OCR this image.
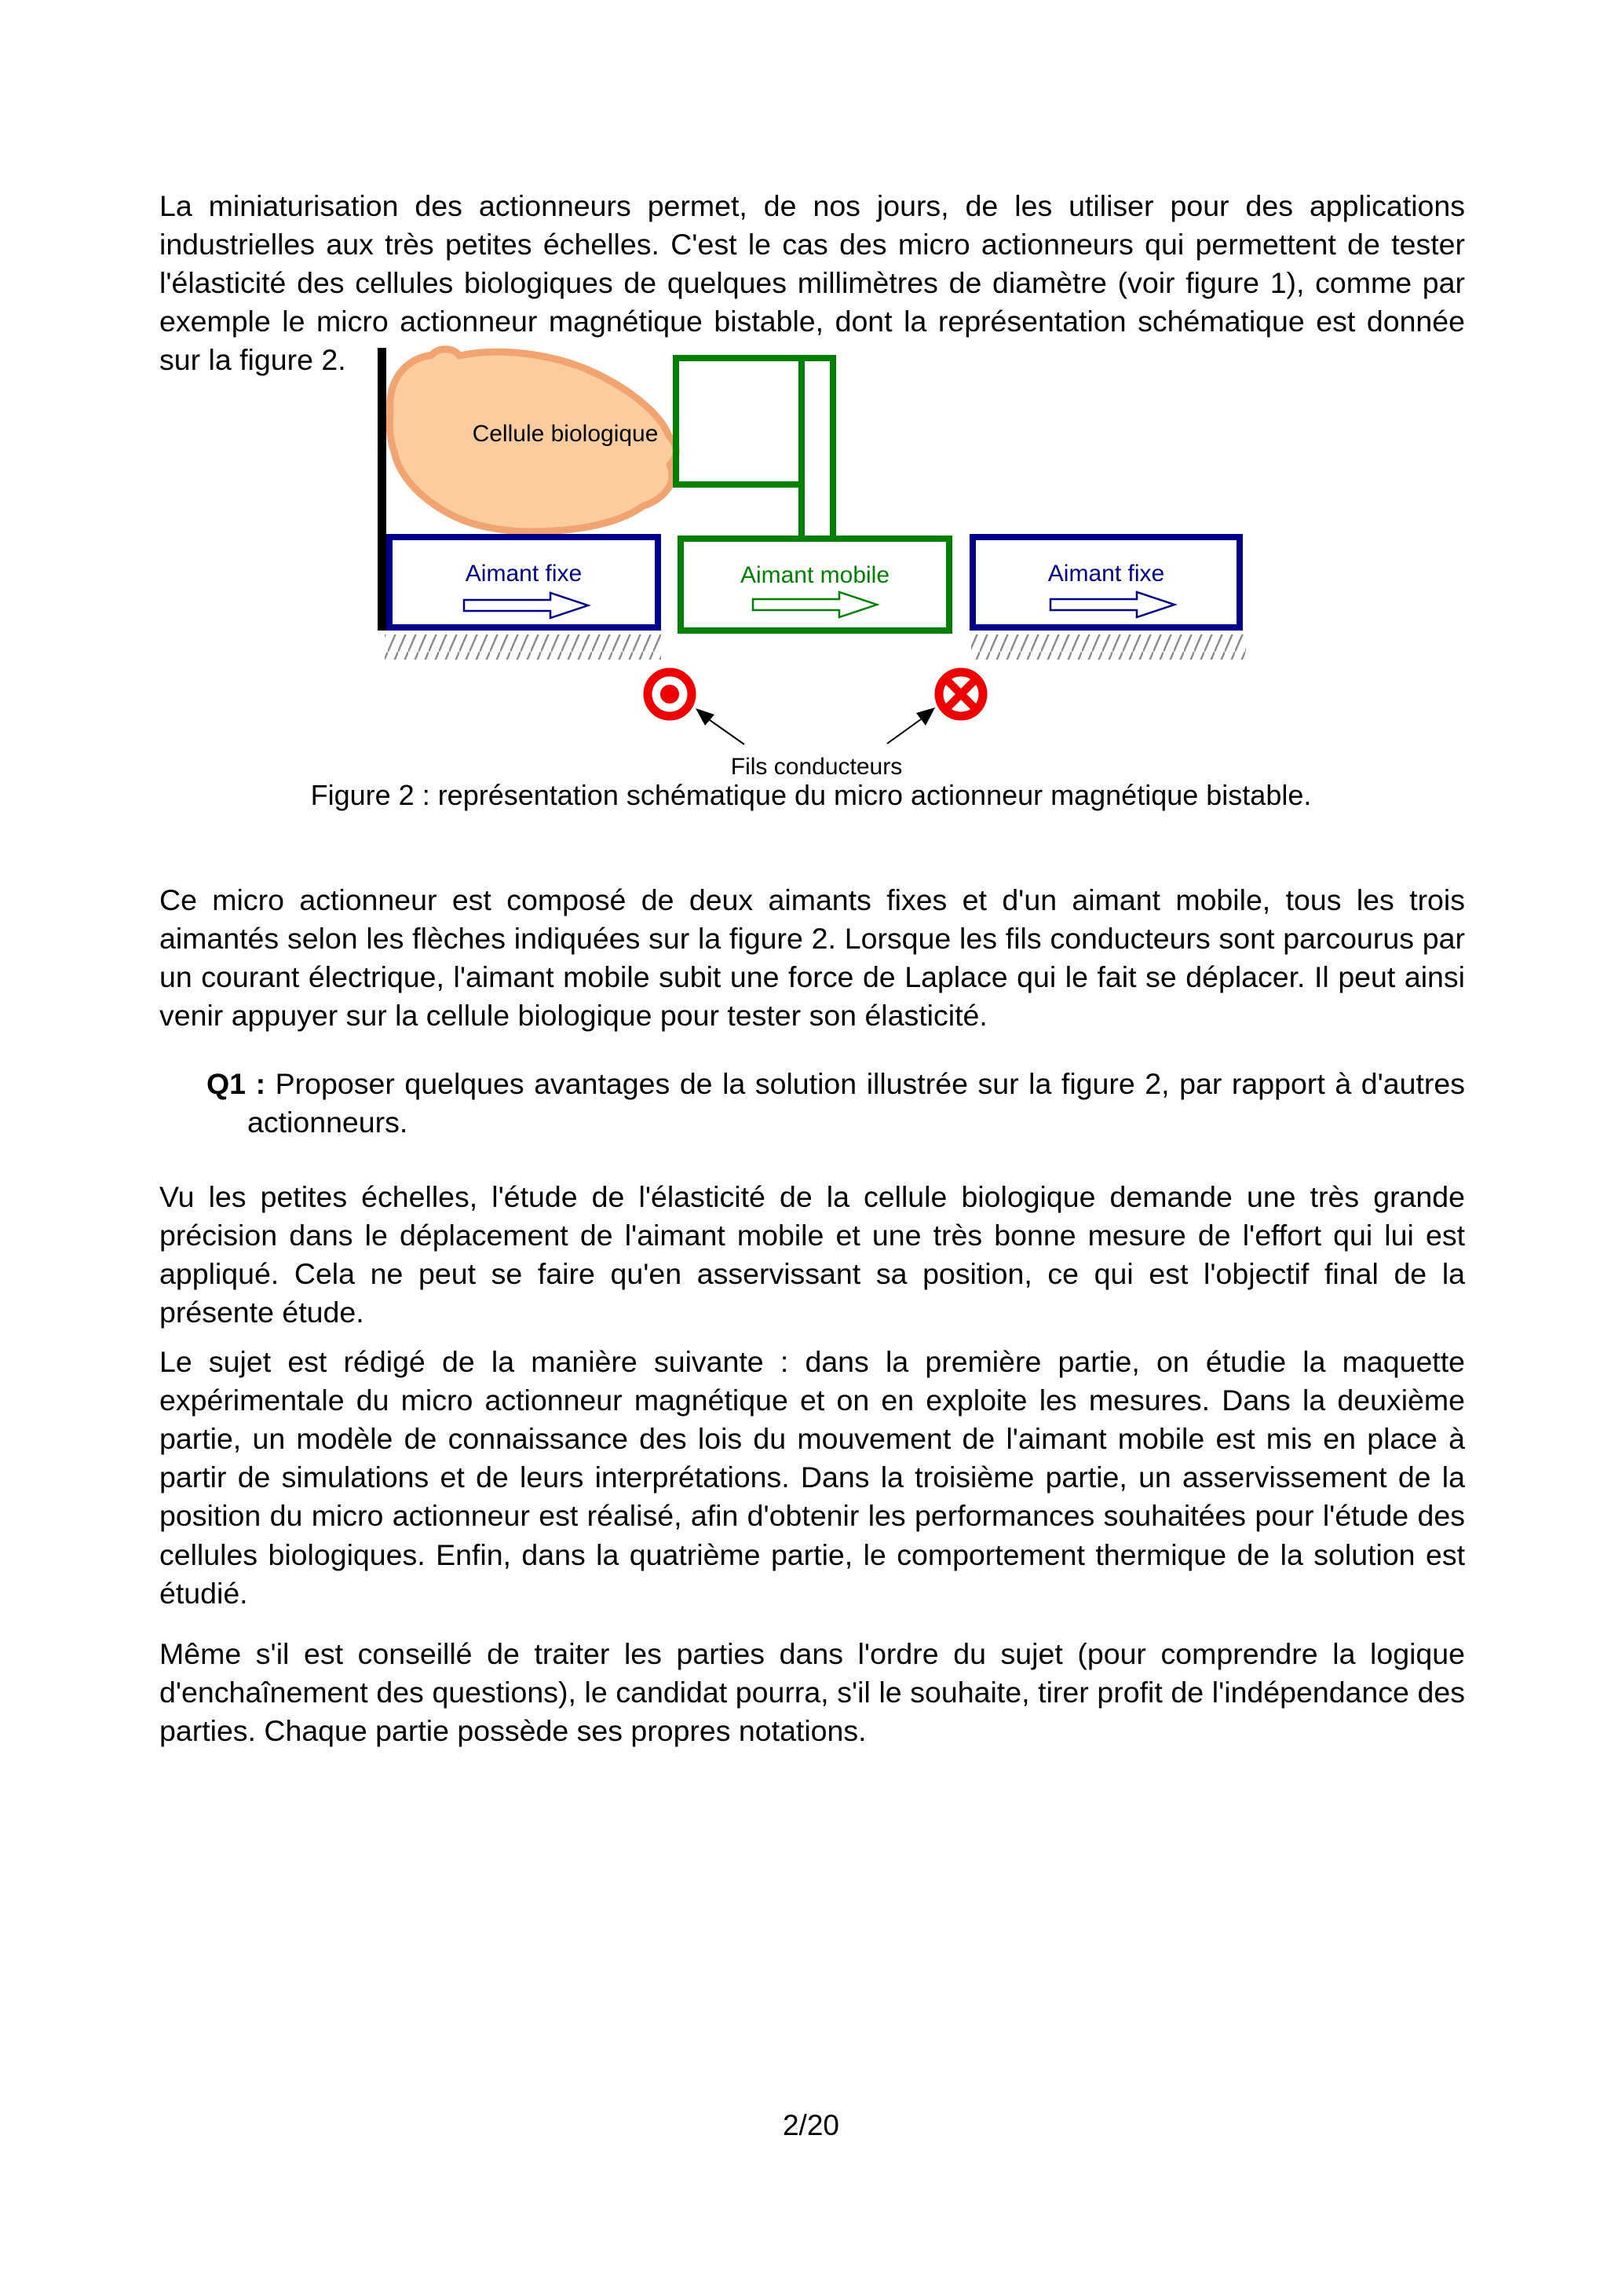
La miniaturisation des actionneurs permet, de nos jours, de les utiliser pour des applications industrielles aux très petites échelles. C'est le cas des micro actionneurs qui permettent de tester l'élasticité des cellules biologiques de quelques millimètres de diamètre (voir figure 1), comme par exemple le micro actionneur magnétique bistable, dont la représentation schématique est donnée sur la figure 2.

Cellule biologique
Aimant fixe	Aimant mobile	Aimant fixe
Fils conducteurs
Figure 2 : représentation schématique du micro actionneur magnétique bistable.

Ce micro actionneur est composé de deux aimants fixes et d'un aimant mobile, tous les trois aimantés selon les flèches indiquées sur la figure 2. Lorsque les fils conducteurs sont parcourus par un courant électrique, l'aimant mobile subit une force de Laplace qui le fait se déplacer. Il peut ainsi venir appuyer sur la cellule biologique pour tester son élasticité.

Q1 : Proposer quelques avantages de la solution illustrée sur la figure 2, par rapport à d'autres actionneurs.

Vu les petites échelles, l'étude de l'élasticité de la cellule biologique demande une très grande précision dans le déplacement de l'aimant mobile et une très bonne mesure de l'effort qui lui est appliqué. Cela ne peut se faire qu'en asservissant sa position, ce qui est l'objectif final de la présente étude.

Le sujet est rédigé de la manière suivante : dans la première partie, on étudie la maquette expérimentale du micro actionneur magnétique et on en exploite les mesures. Dans la deuxième partie, un modèle de connaissance des lois du mouvement de l'aimant mobile est mis en place à partir de simulations et de leurs interprétations. Dans la troisième partie, un asservissement de la position du micro actionneur est réalisé, afin d'obtenir les performances souhaitées pour l'étude des cellules biologiques. Enfin, dans la quatrième partie, le comportement thermique de la solution est étudié.

Même s'il est conseillé de traiter les parties dans l'ordre du sujet (pour comprendre la logique d'enchaînement des questions), le candidat pourra, s'il le souhaite, tirer profit de l'indépendance des parties. Chaque partie possède ses propres notations.

2/20
